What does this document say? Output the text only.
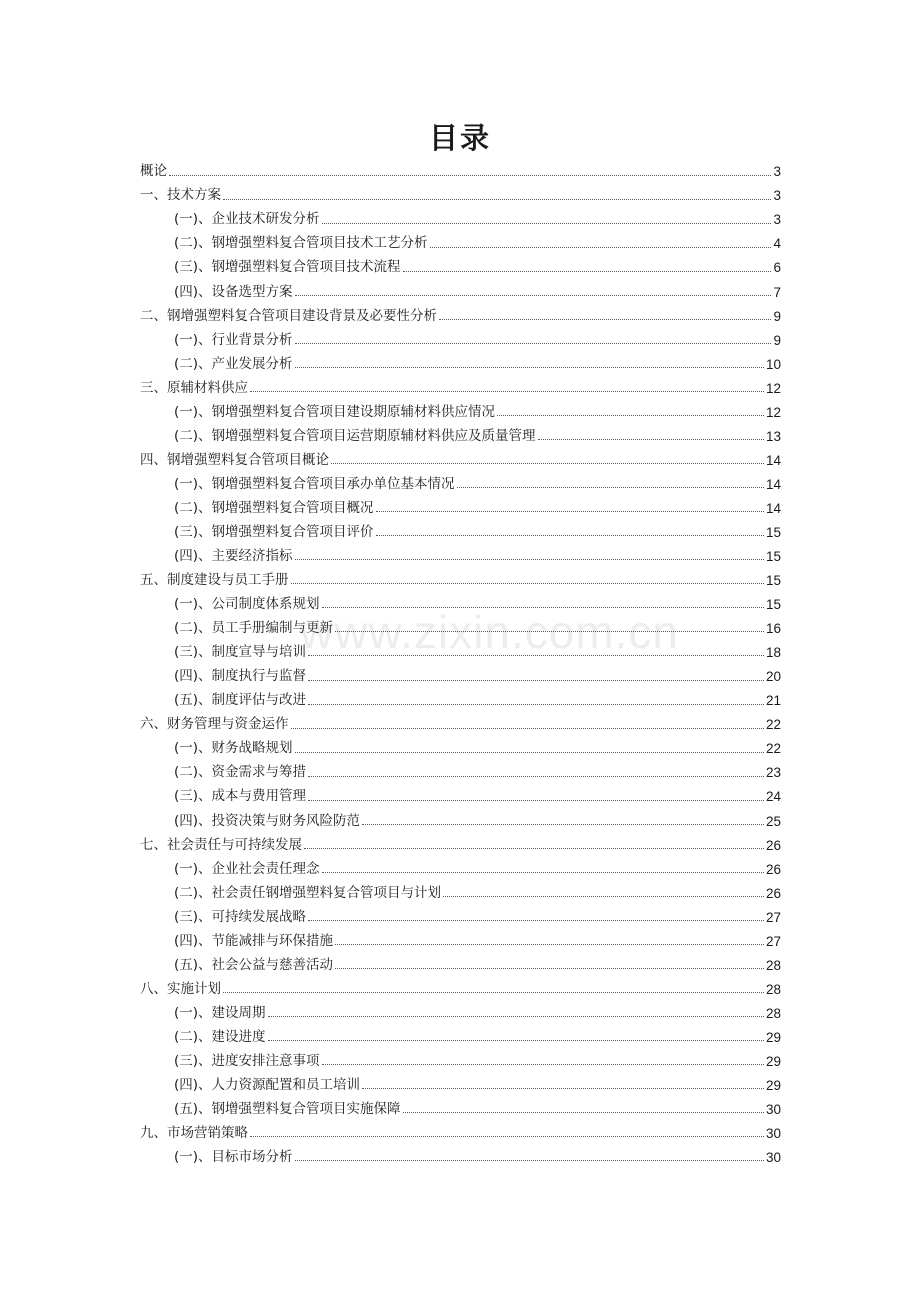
目录
www.zixin.com.cn
概论	3
一、技术方案	3
(一)、企业技术研发分析	3
(二)、钢增强塑料复合管项目技术工艺分析	4
(三)、钢增强塑料复合管项目技术流程	6
(四)、设备选型方案	7
二、钢增强塑料复合管项目建设背景及必要性分析	9
(一)、行业背景分析	9
(二)、产业发展分析	10
三、原辅材料供应	12
(一)、钢增强塑料复合管项目建设期原辅材料供应情况	12
(二)、钢增强塑料复合管项目运营期原辅材料供应及质量管理	13
四、钢增强塑料复合管项目概论	14
(一)、钢增强塑料复合管项目承办单位基本情况	14
(二)、钢增强塑料复合管项目概况	14
(三)、钢增强塑料复合管项目评价	15
(四)、主要经济指标	15
五、制度建设与员工手册	15
(一)、公司制度体系规划	15
(二)、员工手册编制与更新	16
(三)、制度宣导与培训	18
(四)、制度执行与监督	20
(五)、制度评估与改进	21
六、财务管理与资金运作	22
(一)、财务战略规划	22
(二)、资金需求与筹措	23
(三)、成本与费用管理	24
(四)、投资决策与财务风险防范	25
七、社会责任与可持续发展	26
(一)、企业社会责任理念	26
(二)、社会责任钢增强塑料复合管项目与计划	26
(三)、可持续发展战略	27
(四)、节能减排与环保措施	27
(五)、社会公益与慈善活动	28
八、实施计划	28
(一)、建设周期	28
(二)、建设进度	29
(三)、进度安排注意事项	29
(四)、人力资源配置和员工培训	29
(五)、钢增强塑料复合管项目实施保障	30
九、市场营销策略	30
(一)、目标市场分析	30
